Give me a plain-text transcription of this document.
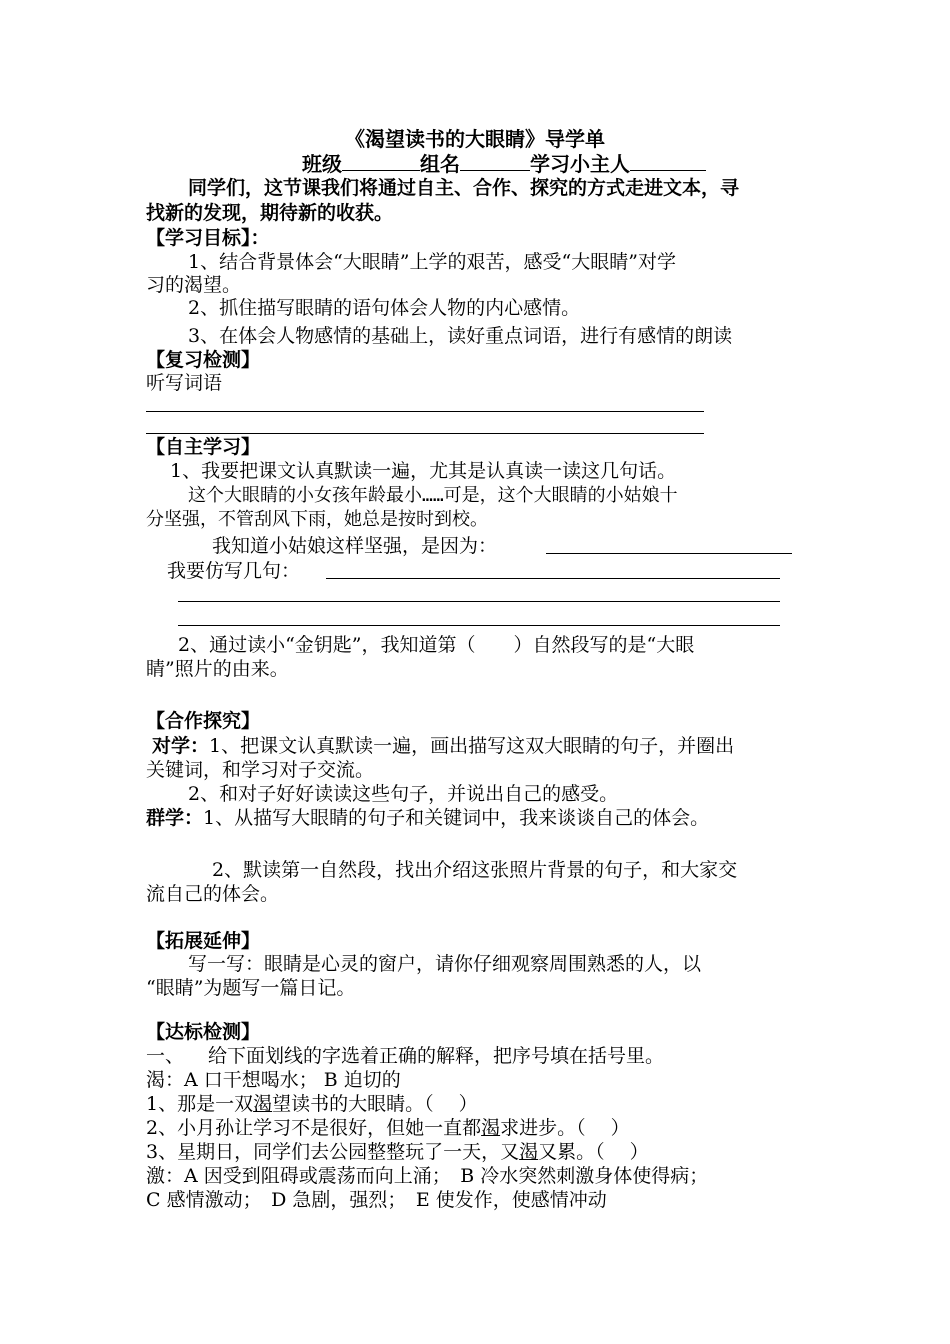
《渴望读书的大眼睛》导学单
班级	组名	学习小主人
同学们，这节课我们将通过自主、合作、探究的方式走进文本，寻
找新的发现，期待新的收获。
【学习目标】：
1、结合背景体会“大眼睛”上学的艰苦，感受“大眼睛”对学
习的渴望。
2、抓住描写眼睛的语句体会人物的内心感情。
3、在体会人物感情的基础上，读好重点词语，进行有感情的朗读
【复习检测】
听写词语
【自主学习】
1、我要把课文认真默读一遍，尤其是认真读一读这几句话。
这个大眼睛的小女孩年龄最小……可是，这个大眼睛的小姑娘十
分坚强，不管刮风下雨，她总是按时到校。
我知道小姑娘这样坚强，是因为：
我要仿写几句：
2、通过读小“金钥匙”，我知道第（　　）自然段写的是“大眼
睛”照片的由来。
【合作探究】
对学：1、把课文认真默读一遍，画出描写这双大眼睛的句子，并圈出
关键词，和学习对子交流。
2、和对子好好读读这些句子，并说出自己的感受。
群学：1、从描写大眼睛的句子和关键词中，我来谈谈自己的体会。
2、默读第一自然段，找出介绍这张照片背景的句子，和大家交
流自己的体会。
【拓展延伸】
写一写：眼睛是心灵的窗户，请你仔细观察周围熟悉的人，以
“眼睛”为题写一篇日记。
【达标检测】
一、 给下面划线的字选着正确的解释，把序号填在括号里。
渴：A 口干想喝水； B 迫切的
1、那是一双渴望读书的大眼睛。（　 ）
2、小月孙让学习不是很好，但她一直都渴求进步。（　 ）
3、星期日，同学们去公园整整玩了一天，又渴又累。（　 ）
激：A 因受到阻碍或震荡而向上涌；　B 冷水突然刺激身体使得病；
C 感情激动；　D 急剧，强烈；　E 使发作，使感情冲动
